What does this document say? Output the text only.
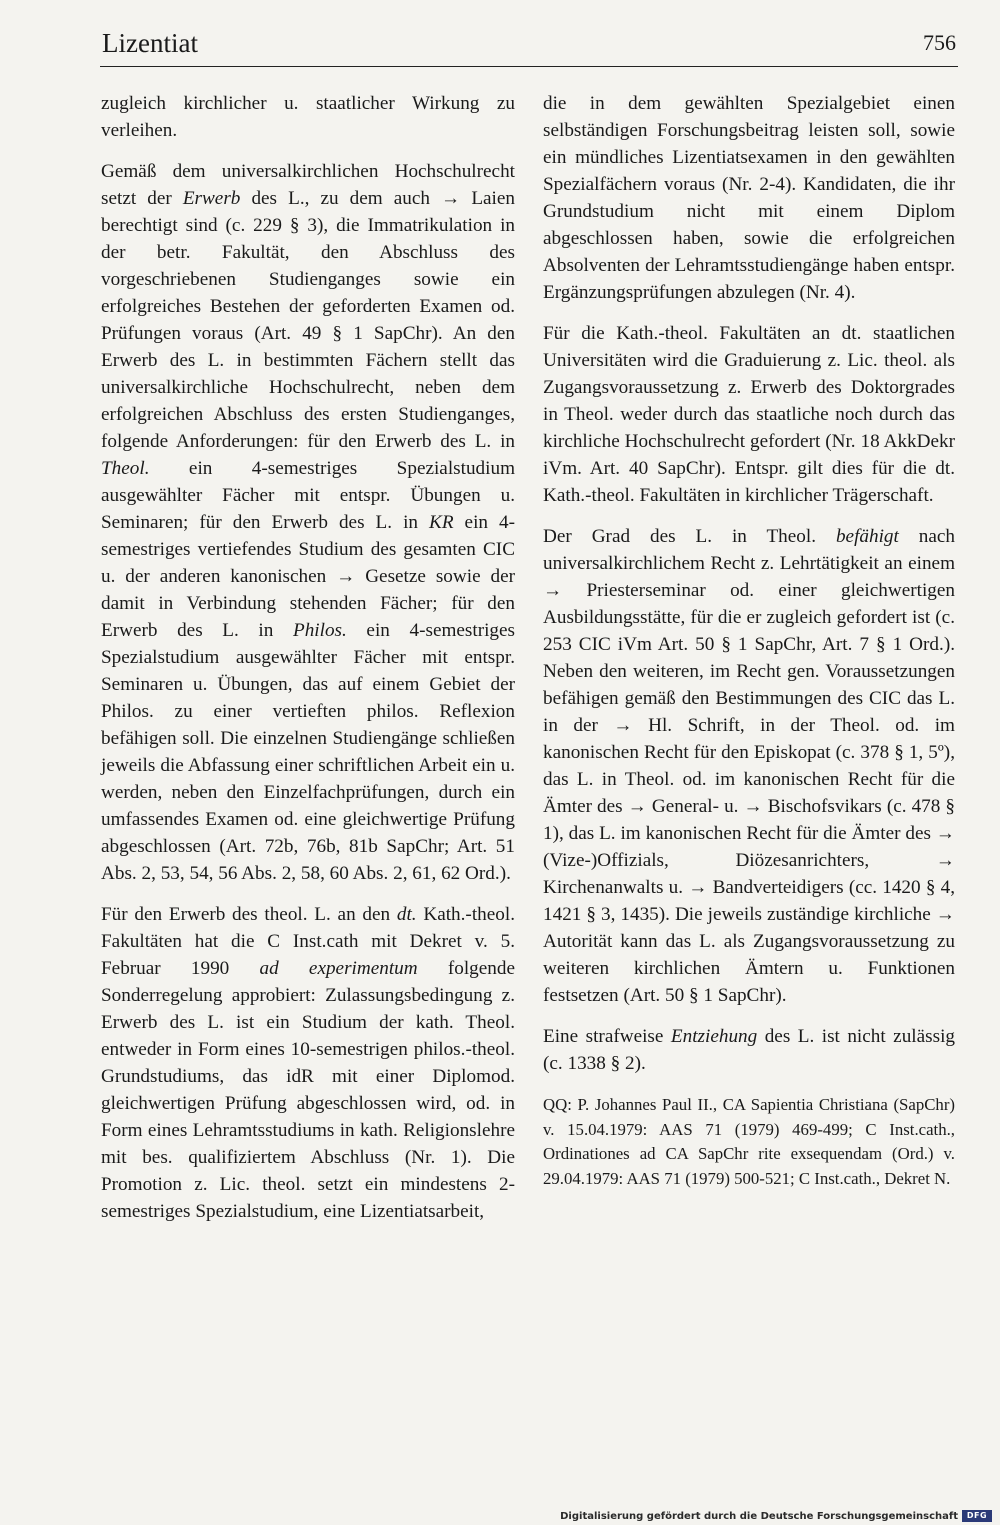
Lizentiat	756

zugleich kirchlicher u. staatlicher Wirkung zu verleihen.

Gemäß dem universalkirchlichen Hochschulrecht setzt der Erwerb des L., zu dem auch → Laien berechtigt sind (c. 229 § 3), die Immatrikulation in der betr. Fakultät, den Abschluss des vorgeschriebenen Studienganges sowie ein erfolgreiches Bestehen der geforderten Examen od. Prüfungen voraus (Art. 49 § 1 SapChr). An den Erwerb des L. in bestimmten Fächern stellt das universalkirchliche Hochschulrecht, neben dem erfolgreichen Abschluss des ersten Studienganges, folgende Anforderungen: für den Erwerb des L. in Theol. ein 4-semestriges Spezialstudium ausgewählter Fächer mit entspr. Übungen u. Seminaren; für den Erwerb des L. in KR ein 4-semestriges vertiefendes Studium des gesamten CIC u. der anderen kanonischen → Gesetze sowie der damit in Verbindung stehenden Fächer; für den Erwerb des L. in Philos. ein 4-semestriges Spezialstudium ausgewählter Fächer mit entspr. Seminaren u. Übungen, das auf einem Gebiet der Philos. zu einer vertieften philos. Reflexion befähigen soll. Die einzelnen Studiengänge schließen jeweils die Abfassung einer schriftlichen Arbeit ein u. werden, neben den Einzelfachprüfungen, durch ein umfassendes Examen od. eine gleichwertige Prüfung abgeschlossen (Art. 72b, 76b, 81b SapChr; Art. 51 Abs. 2, 53, 54, 56 Abs. 2, 58, 60 Abs. 2, 61, 62 Ord.).

Für den Erwerb des theol. L. an den dt. Kath.-theol. Fakultäten hat die C Inst.cath mit Dekret v. 5. Februar 1990 ad experimentum folgende Sonderregelung approbiert: Zulassungsbedingung z. Erwerb des L. ist ein Studium der kath. Theol. entweder in Form eines 10-semestrigen philos.-theol. Grundstudiums, das idR mit einer Diplomod. gleichwertigen Prüfung abgeschlossen wird, od. in Form eines Lehramtsstudiums in kath. Religionslehre mit bes. qualifiziertem Abschluss (Nr. 1). Die Promotion z. Lic. theol. setzt ein mindestens 2-semestriges Spezialstudium, eine Lizentiatsarbeit,

die in dem gewählten Spezialgebiet einen selbständigen Forschungsbeitrag leisten soll, sowie ein mündliches Lizentiatsexamen in den gewählten Spezialfächern voraus (Nr. 2-4). Kandidaten, die ihr Grundstudium nicht mit einem Diplom abgeschlossen haben, sowie die erfolgreichen Absolventen der Lehramtsstudiengänge haben entspr. Ergänzungsprüfungen abzulegen (Nr. 4).

Für die Kath.-theol. Fakultäten an dt. staatlichen Universitäten wird die Graduierung z. Lic. theol. als Zugangsvoraussetzung z. Erwerb des Doktorgrades in Theol. weder durch das staatliche noch durch das kirchliche Hochschulrecht gefordert (Nr. 18 AkkDekr iVm. Art. 40 SapChr). Entspr. gilt dies für die dt. Kath.-theol. Fakultäten in kirchlicher Trägerschaft.

Der Grad des L. in Theol. befähigt nach universalkirchlichem Recht z. Lehrtätigkeit an einem → Priesterseminar od. einer gleichwertigen Ausbildungsstätte, für die er zugleich gefordert ist (c. 253 CIC iVm Art. 50 § 1 SapChr, Art. 7 § 1 Ord.). Neben den weiteren, im Recht gen. Voraussetzungen befähigen gemäß den Bestimmungen des CIC das L. in der → Hl. Schrift, in der Theol. od. im kanonischen Recht für den Episkopat (c. 378 § 1, 5º), das L. in Theol. od. im kanonischen Recht für die Ämter des → General- u. → Bischofsvikars (c. 478 § 1), das L. im kanonischen Recht für die Ämter des → (Vize-)Offizials, Diözesanrichters, → Kirchenanwalts u. → Bandverteidigers (cc. 1420 § 4, 1421 § 3, 1435). Die jeweils zuständige kirchliche → Autorität kann das L. als Zugangsvoraussetzung zu weiteren kirchlichen Ämtern u. Funktionen festsetzen (Art. 50 § 1 SapChr).

Eine strafweise Entziehung des L. ist nicht zulässig (c. 1338 § 2).

QQ: P. Johannes Paul II., CA Sapientia Christiana (SapChr) v. 15.04.1979: AAS 71 (1979) 469-499; C Inst.cath., Ordinationes ad CA SapChr rite exsequendam (Ord.) v. 29.04.1979: AAS 71 (1979) 500-521; C Inst.cath., Dekret N.

Digitalisierung gefördert durch die Deutsche Forschungsgemeinschaft	DFG
